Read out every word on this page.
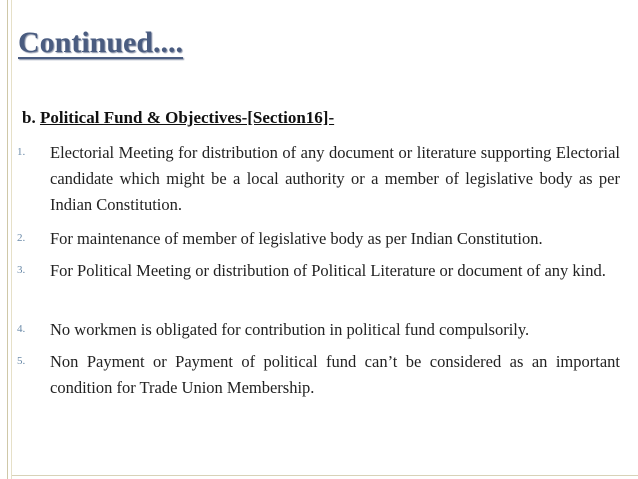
Continued....
b. Political Fund & Objectives-[Section16]-
1. Electorial Meeting for distribution of any document or literature supporting Electorial candidate which might be a local authority or a member of legislative body as per Indian Constitution.
2. For maintenance of member of legislative body as per Indian Constitution.
3. For Political Meeting or distribution of Political Literature or document of any kind.
4. No workmen is obligated for contribution in political fund compulsorily.
5. Non Payment or Payment of political fund can’t be considered as an important condition for Trade Union Membership.
